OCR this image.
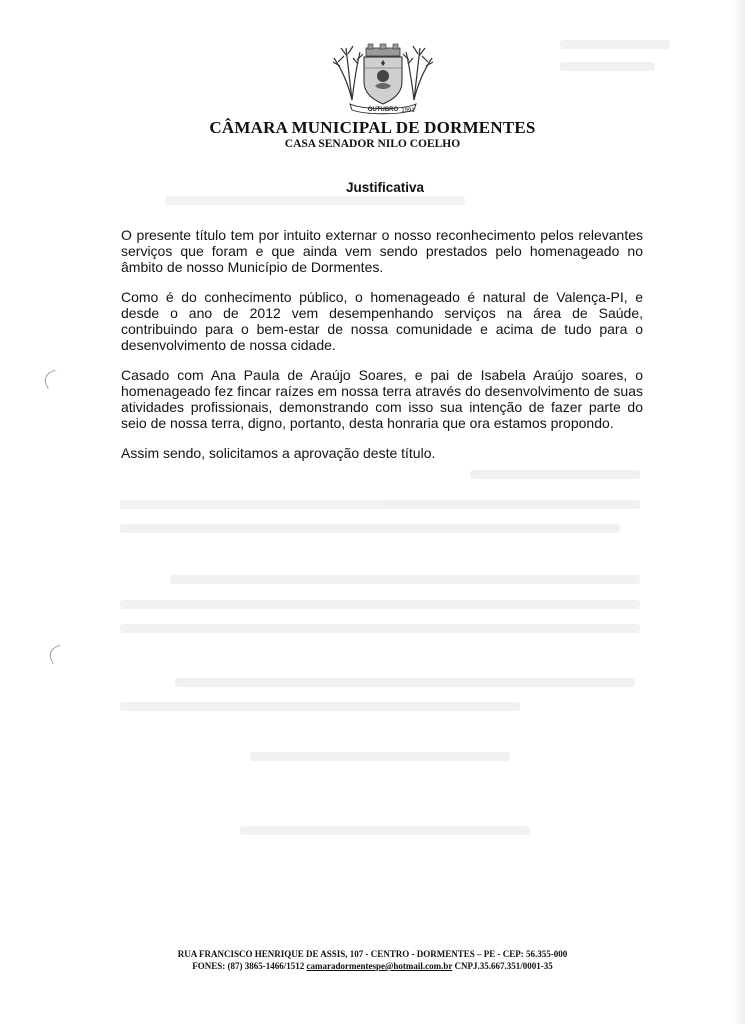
OUTUBRO 1991
CÂMARA MUNICIPAL DE DORMENTES
CASA SENADOR NILO COELHO
Justificativa

O presente título tem por intuito externar o nosso reconhecimento pelos relevantes serviços que foram e que ainda vem sendo prestados pelo homenageado no âmbito de nosso Município de Dormentes.

Como é do conhecimento público, o homenageado é natural de Valença-PI, e desde o ano de 2012 vem desempenhando serviços na área de Saúde, contribuindo para o bem-estar de nossa comunidade e acima de tudo para o desenvolvimento de nossa cidade.

Casado com Ana Paula de Araújo Soares, e pai de Isabela Araújo soares, o homenageado fez fincar raízes em nossa terra através do desenvolvimento de suas atividades profissionais, demonstrando com isso sua intenção de fazer parte do seio de nossa terra, digno, portanto, desta honraria que ora estamos propondo.

Assim sendo, solicitamos a aprovação deste título.

RUA FRANCISCO HENRIQUE DE ASSIS, 107 - CENTRO - DORMENTES – PE - CEP: 56.355-000
FONES: (87) 3865-1466/1512 camaradormentespe@hotmail.com.br CNPJ.35.667.351/0001-35
